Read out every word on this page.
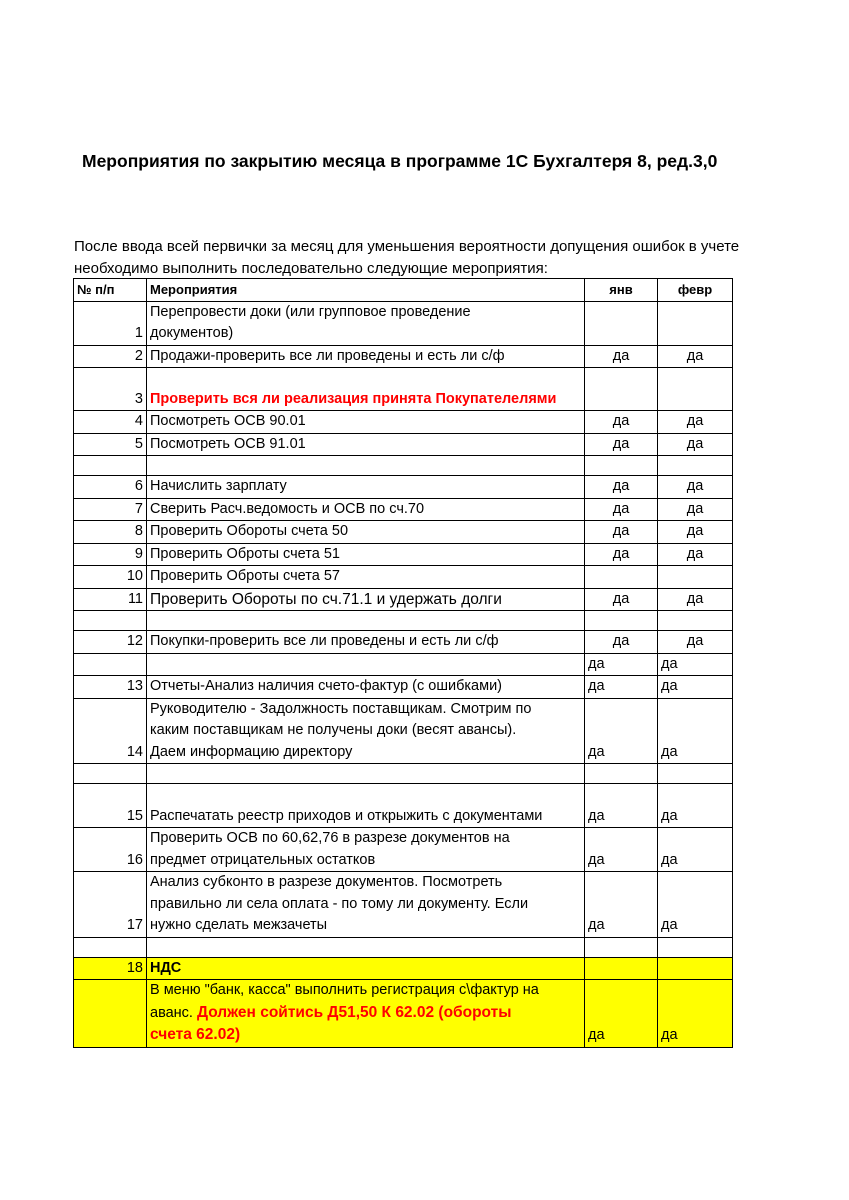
Мероприятия по закрытию месяца в программе 1С Бухгалтеря 8, ред.3,0
После ввода всей первички за месяц для уменьшения вероятности допущения ошибок в учете необходимо выполнить последовательно следующие мероприятия:
№ п/п	Мероприятия	янв	февр
1	Перепровести доки (или групповое проведение
документов)		
2	Продажи-проверить все ли проведены и есть ли с/ф	да	да
3	Проверить вся ли реализация принята Покупателелями		
4	Посмотреть ОСВ 90.01	да	да
5	Посмотреть ОСВ 91.01	да	да

6	Начислить зарплату	да	да
7	Сверить Расч.ведомость и ОСВ по сч.70	да	да
8	Проверить Обороты счета 50	да	да
9	Проверить Оброты счета 51	да	да
10	Проверить Оброты счета 57		
11	Проверить Обороты по сч.71.1 и удержать долги	да	да

12	Покупки-проверить все ли проведены и есть ли с/ф	да	да
		да	да
13	Отчеты-Анализ наличия счето-фактур (с ошибками)	да	да
14	Руководителю - Задолжность поставщикам. Смотрим по
каким поставщикам не получены доки (весят авансы).
Даем информацию директору	да	да

15	Распечатать реестр приходов и открыжить с документами	да	да
16	Проверить ОСВ по 60,62,76 в разрезе документов на
предмет отрицательных остатков	да	да
17	Анализ субконто в разрезе документов. Посмотреть
правильно ли села оплата - по тому ли документу. Если
нужно сделать межзачеты	да	да

18	НДС		
	В меню "банк, касса" выполнить регистрация с\фактур на
аванс. Должен сойтись Д51,50 К 62.02 (обороты
счета 62.02)	да	да
